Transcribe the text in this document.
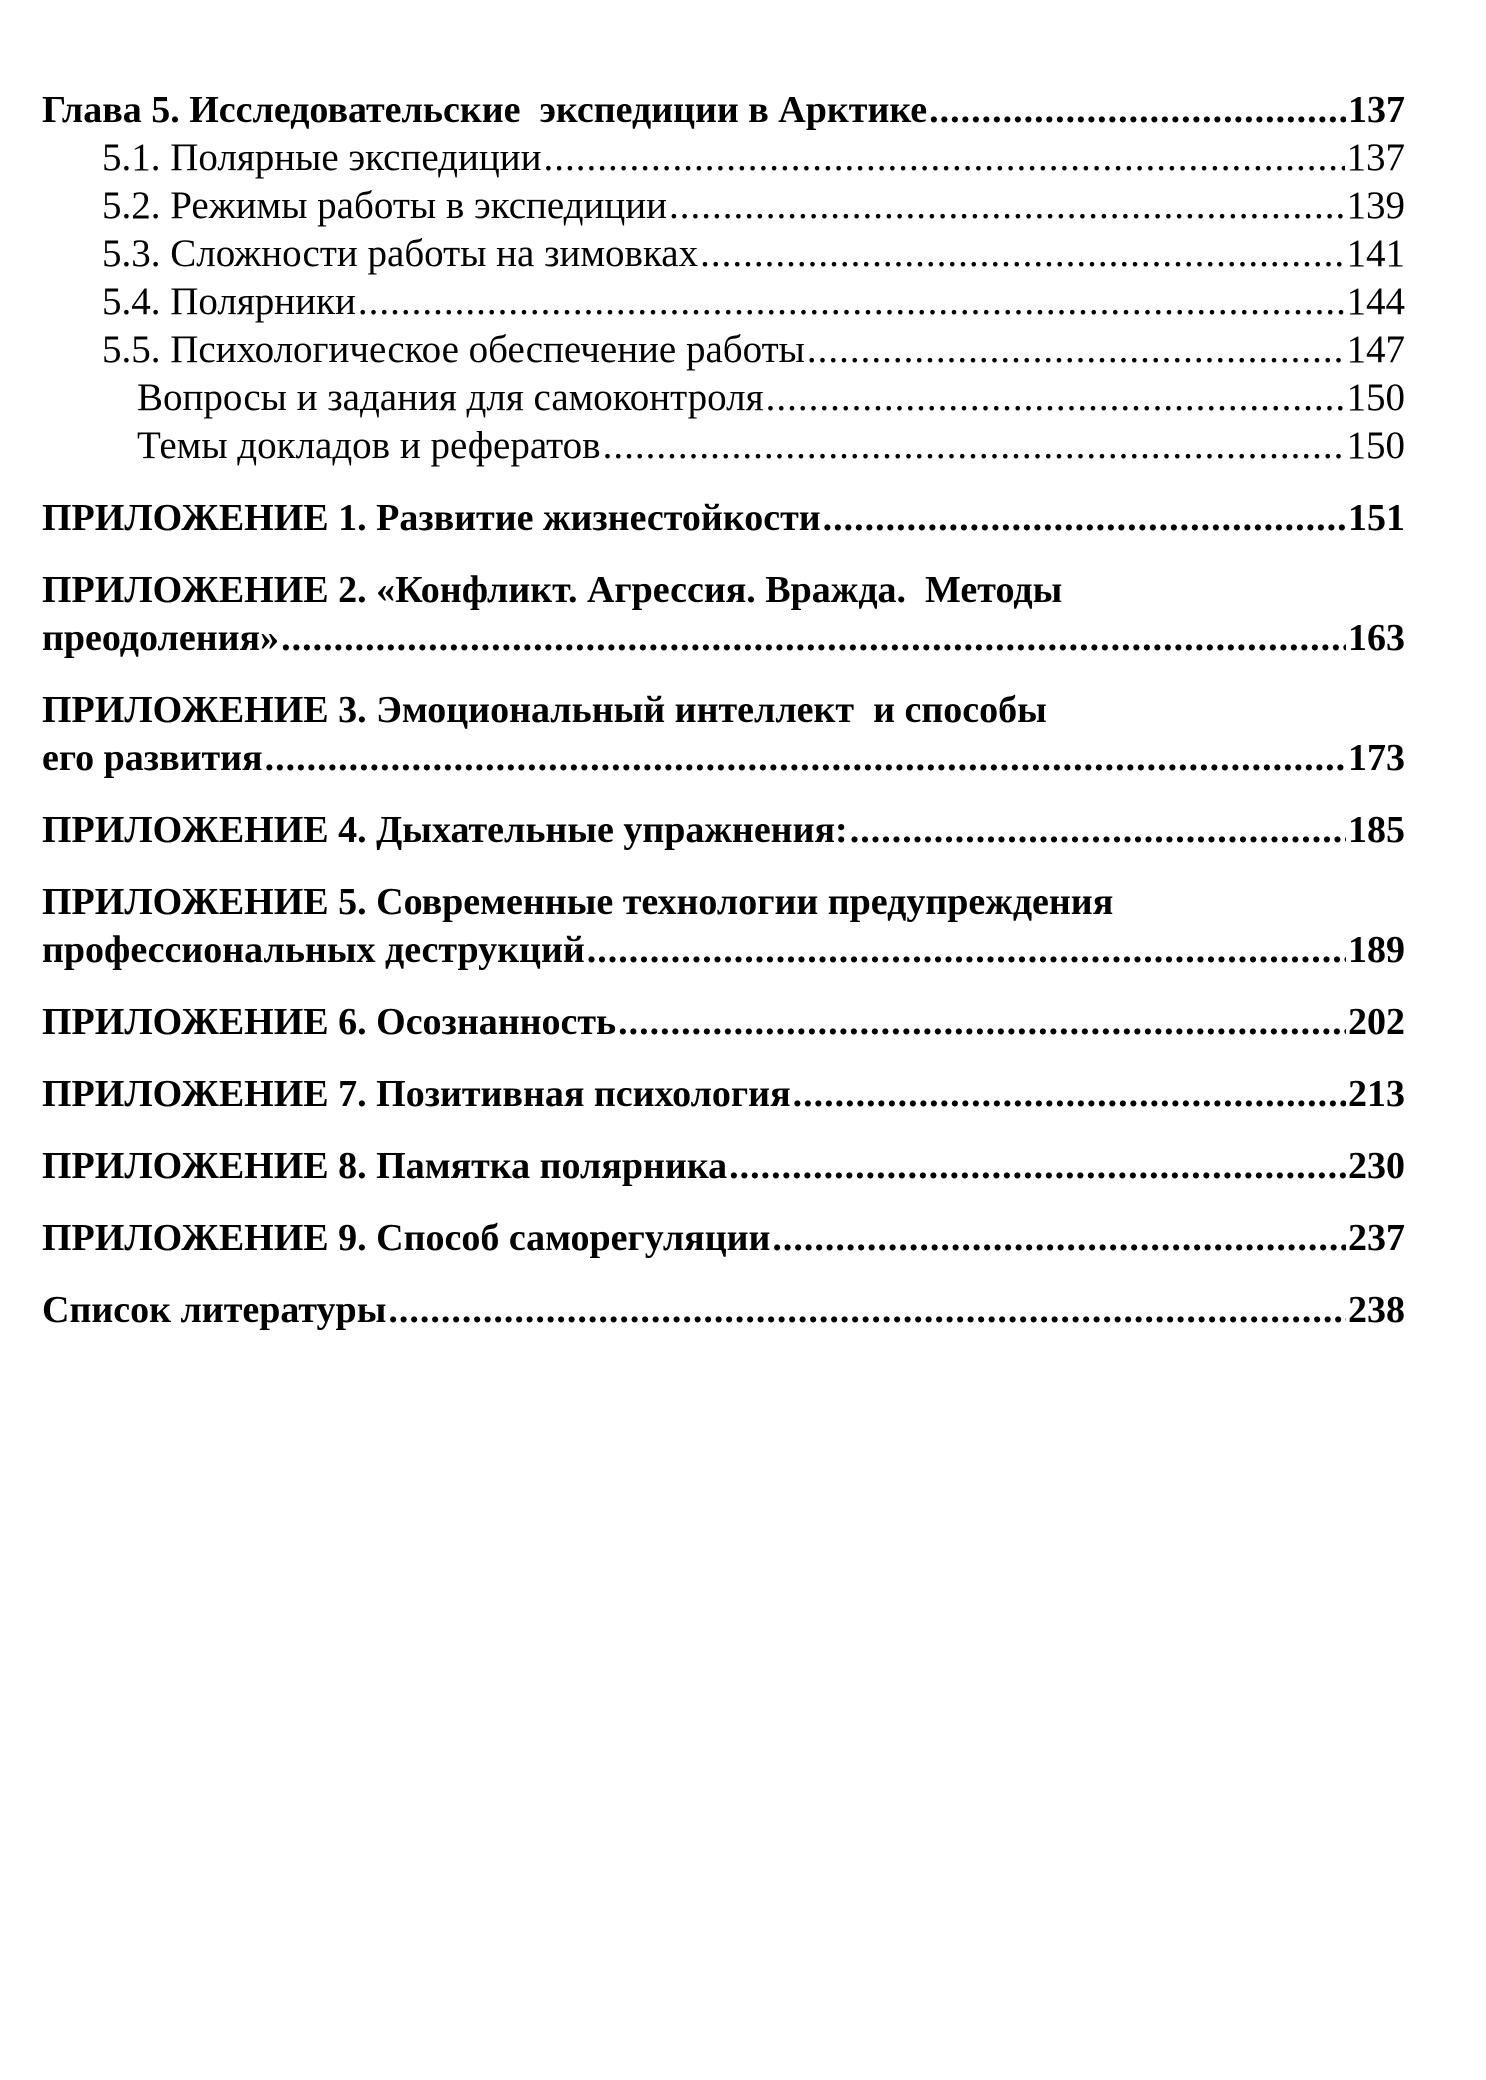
Глава 5. Исследовательские  экспедиции в Арктике .....	137
5.1. Полярные экспедиции .....	137
5.2. Режимы работы в экспедиции .....	139
5.3. Сложности работы на зимовках .....	141
5.4. Полярники .....	144
5.5. Психологическое обеспечение работы .....	147
Вопросы и задания для самоконтроля .....	150
Темы докладов и рефератов .....	150
ПРИЛОЖЕНИЕ 1. Развитие жизнестойкости .....	151
ПРИЛОЖЕНИЕ 2. «Конфликт. Агрессия. Вражда.  Методы
преодоления» .....	163
ПРИЛОЖЕНИЕ 3. Эмоциональный интеллект  и способы
его развития .....	173
ПРИЛОЖЕНИЕ 4. Дыхательные упражнения: .....	185
ПРИЛОЖЕНИЕ 5. Современные технологии предупреждения
профессиональных деструкций .....	189
ПРИЛОЖЕНИЕ 6. Осознанность .....	202
ПРИЛОЖЕНИЕ 7. Позитивная психология .....	213
ПРИЛОЖЕНИЕ 8. Памятка полярника .....	230
ПРИЛОЖЕНИЕ 9. Способ саморегуляции .....	237
Список литературы .....	238
